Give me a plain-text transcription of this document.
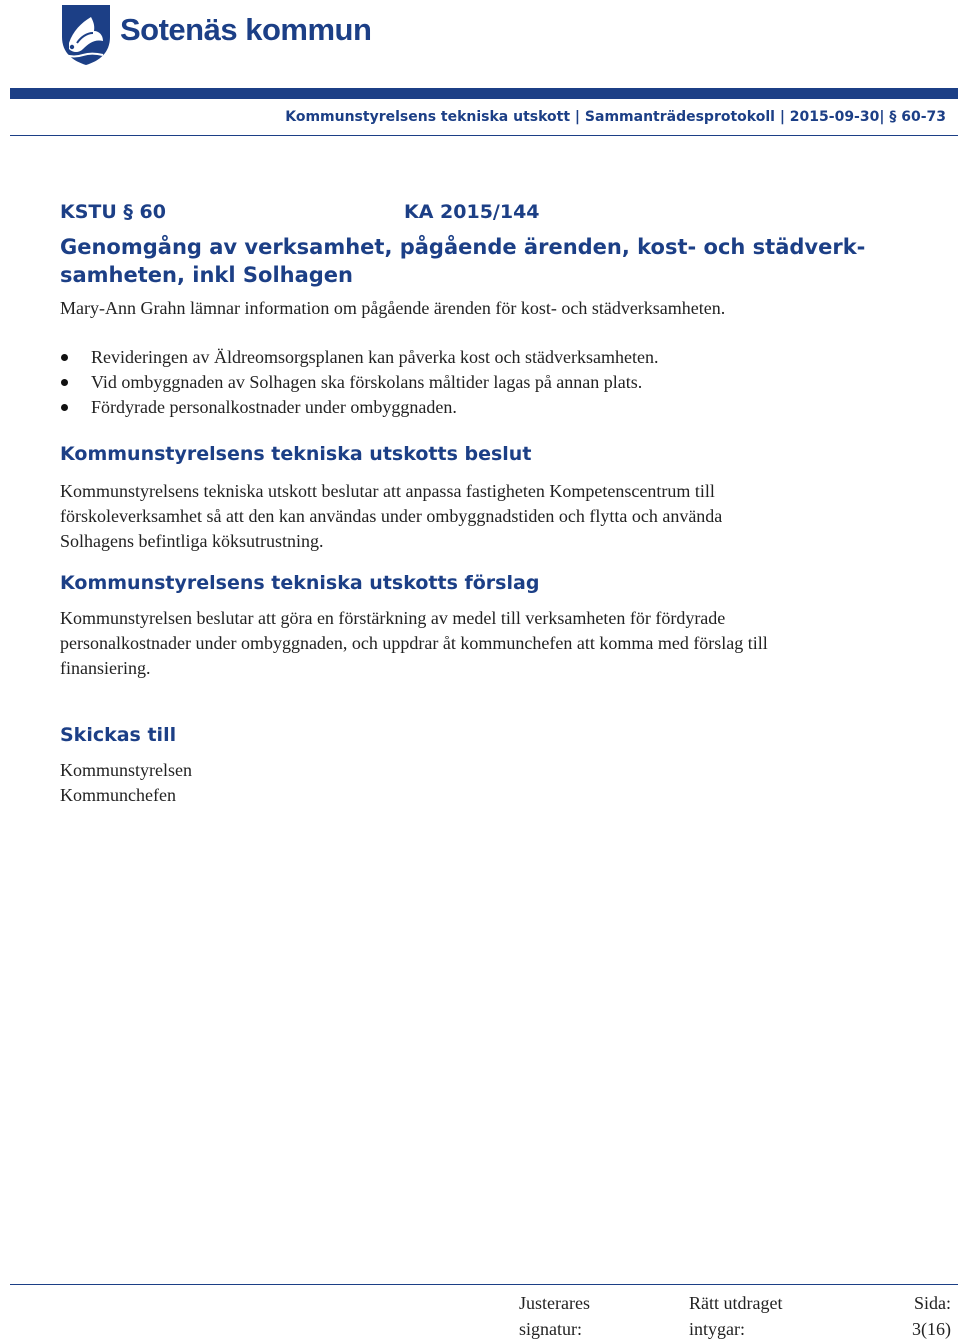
Sotenäs kommun
Kommunstyrelsens tekniska utskott | Sammanträdesprotokoll | 2015-09-30| § 60-73
KSTU § 60	KA 2015/144
Genomgång av verksamhet, pågående ärenden, kost- och städverk-
samheten, inkl Solhagen
Mary-Ann Grahn lämnar information om pågående ärenden för kost- och städverksamheten.
Revideringen av Äldreomsorgsplanen kan påverka kost och städverksamheten.
Vid ombyggnaden av Solhagen ska förskolans måltider lagas på annan plats.
Fördyrade personalkostnader under ombyggnaden.
Kommunstyrelsens tekniska utskotts beslut
Kommunstyrelsens tekniska utskott beslutar att anpassa fastigheten Kompetenscentrum till
förskoleverksamhet så att den kan användas under ombyggnadstiden och flytta och använda
Solhagens befintliga köksutrustning.
Kommunstyrelsens tekniska utskotts förslag
Kommunstyrelsen beslutar att göra en förstärkning av medel till verksamheten för fördyrade
personalkostnader under ombyggnaden, och uppdrar åt kommunchefen att komma med förslag till
finansiering.
Skickas till
Kommunstyrelsen
Kommunchefen
Justerares
signatur:
Rätt utdraget
intygar:
Sida:
3(16)
